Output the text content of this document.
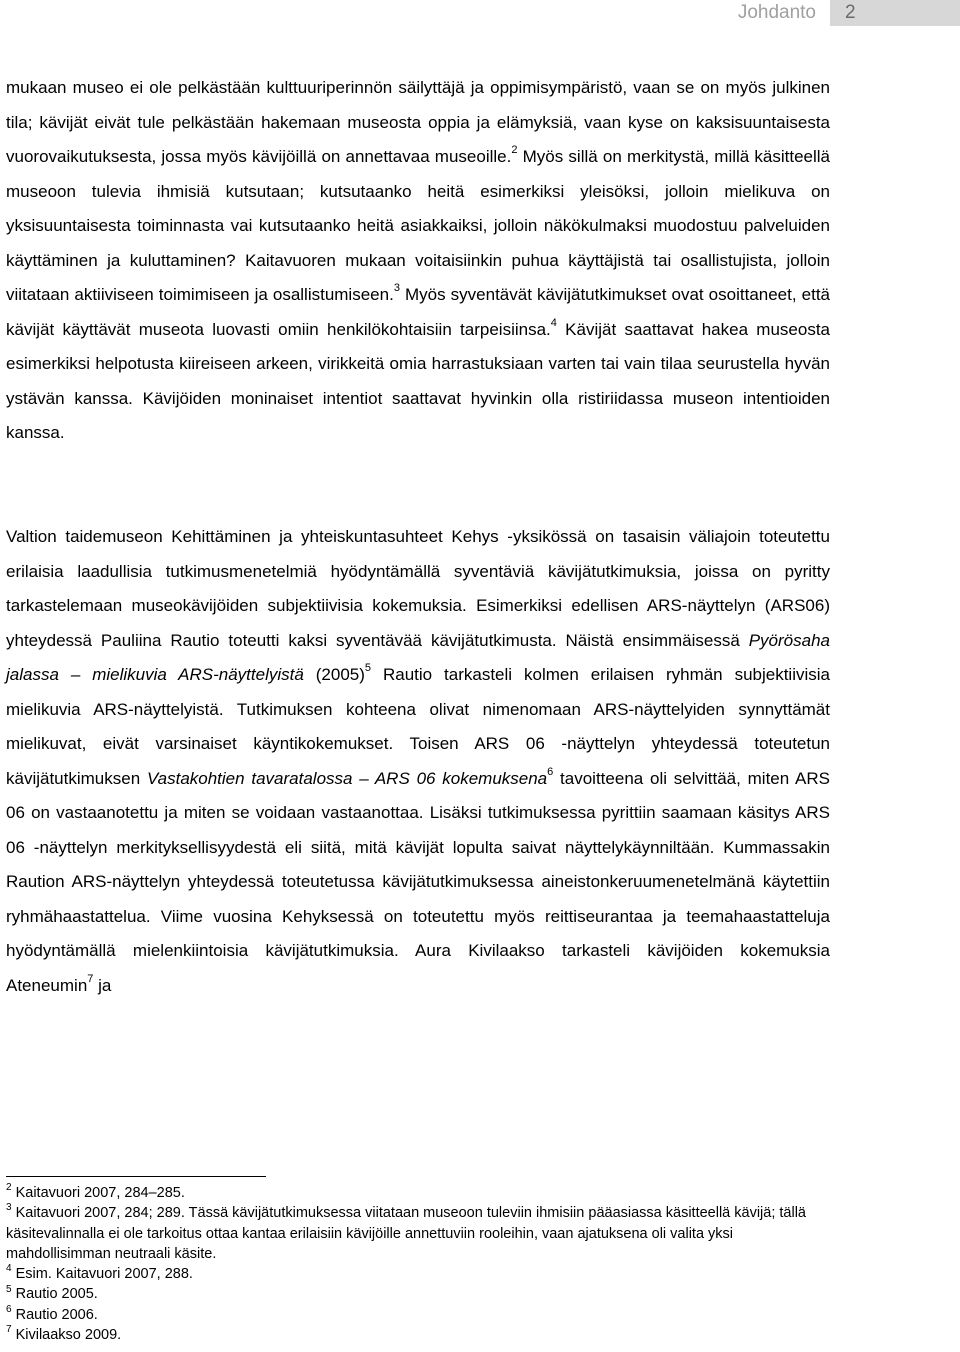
Johdanto 2

mukaan museo ei ole pelkästään kulttuuriperinnön säilyttäjä ja oppimisympäristö, vaan se on myös julkinen tila; kävijät eivät tule pelkästään hakemaan museosta oppia ja elämyksiä, vaan kyse on kaksisuuntaisesta vuorovaikutuksesta, jossa myös kävijöillä on annettavaa museoille.$^2$ Myös sillä on merkitystä, millä käsitteellä museoon tulevia ihmisiä kutsutaan; kutsutaanko heitä esimerkiksi yleisöksi, jolloin mielikuva on yksisuuntaisesta toiminnasta vai kutsutaanko heitä asiakkaiksi, jolloin näkökulmaksi muodostuu palveluiden käyttäminen ja kuluttaminen? Kaitavuoren mukaan voitaisiinkin puhua käyttäjistä tai osallistujista, jolloin viitataan aktiiviseen toimimiseen ja osallistumiseen.$^3$ Myös syventävät kävijätutkimukset ovat osoittaneet, että kävijät käyttävät museota luovasti omiin henkilökohtaisiin tarpeisiinsa.$^4$ Kävijät saattavat hakea museosta esimerkiksi helpotusta kiireiseen arkeen, virikkeitä omia harrastuksiaan varten tai vain tilaa seurustella hyvän ystävän kanssa. Kävijöiden moninaiset intentiot saattavat hyvinkin olla ristiriidassa museon intentioiden kanssa.

Valtion taidemuseon Kehittäminen ja yhteiskuntasuhteet Kehys -yksikössä on tasaisin väliajoin toteutettu erilaisia laadullisia tutkimusmenetelmiä hyödyntämällä syventäviä kävijätutkimuksia, joissa on pyritty tarkastelemaan museokävijöiden subjektiivisia kokemuksia. Esimerkiksi edellisen ARS-näyttelyn (ARS06) yhteydessä Pauliina Rautio toteutti kaksi syventävää kävijätutkimusta. Näistä ensimmäisessä Pyörösaha jalassa – mielikuvia ARS-näyttelyistä $(2005)^5$ Rautio tarkasteli kolmen erilaisen ryhmän subjektiivisia mielikuvia ARS-näyttelyistä. Tutkimuksen kohteena olivat nimenomaan ARS-näyttelyiden synnyttämät mielikuvat, eivät varsinaiset käyntikokemukset. Toisen ARS 06 -näyttelyn yhteydessä toteutetun kävijätutkimuksen Vastakohtien tavaratalossa – ARS 06 kokemuksena$^6$ tavoitteena oli selvittää, miten ARS 06 on vastaanotettu ja miten se voidaan vastaanottaa. Lisäksi tutkimuksessa pyrittiin saamaan käsitys ARS 06 -näyttelyn merkityksellisyydestä eli siitä, mitä kävijät lopulta saivat näyttelykäynniltään. Kummassakin Raution ARS-näyttelyn yhteydessä toteutetussa kävijätutkimuksessa aineistonkeruumenetelmänä käytettiin ryhmähaastattelua. Viime vuosina Kehyksessä on toteutettu myös reittiseurantaa ja teemahaastatteluja hyödyntämällä mielenkiintoisia kävijätutkimuksia. Aura Kivilaakso tarkasteli kävijöiden kokemuksia Ateneumin$^7$ ja

$^2$ Kaitavuori 2007, 284–285.

$^3$ Kaitavuori 2007, 284; 289. Tässä kävijätutkimuksessa viitataan museoon tuleviin ihmisiin pääasiassa käsitteellä kävijä; tällä käsitevalinnalla ei ole tarkoitus ottaa kantaa erilaisiin kävijöille annettuviin rooleihin, vaan ajatuksena oli valita yksi mahdollisimman neutraali käsite.

$^4$ Esim. Kaitavuori 2007, 288.

$^5$ Rautio 2005.

$^6$ Rautio 2006.

$^7$ Kivilaakso 2009.
